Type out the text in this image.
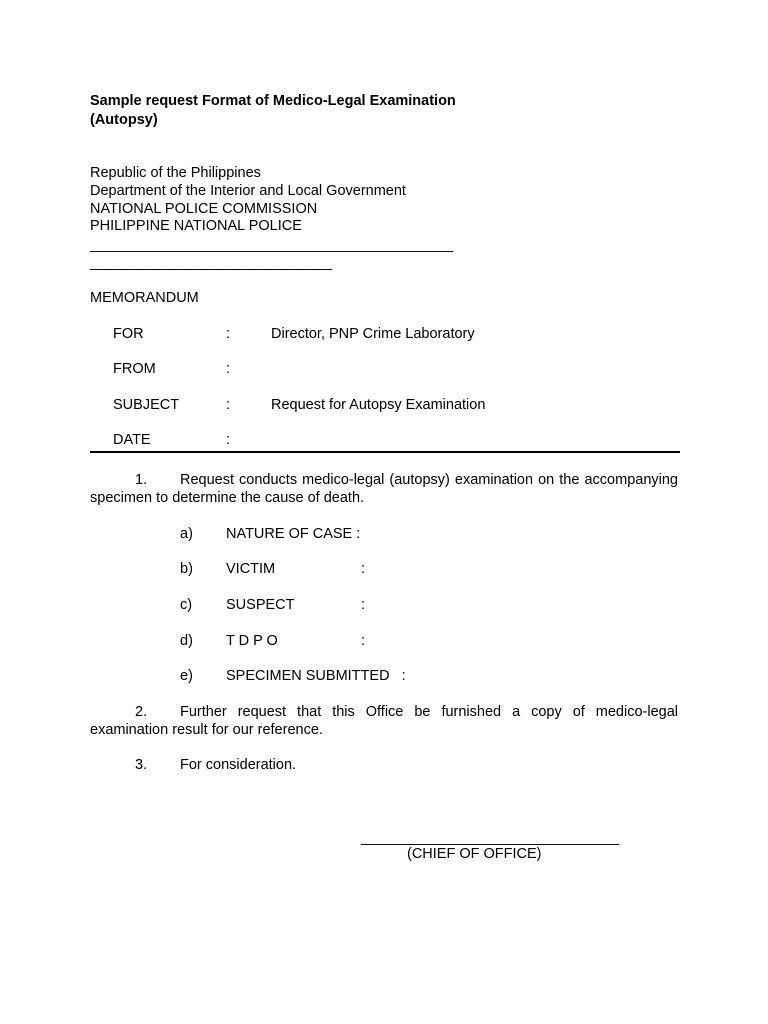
Sample request Format of Medico-Legal Examination
(Autopsy)
Republic of the Philippines
Department of the Interior and Local Government
NATIONAL POLICE COMMISSION
PHILIPPINE NATIONAL POLICE
_____________________________________________
______________________________
MEMORANDUM
FOR	:	Director, PNP Crime Laboratory
FROM	:
SUBJECT	:	Request for Autopsy Examination
DATE	:
1. Request conducts medico-legal (autopsy) examination on the accompanying specimen to determine the cause of death.
a) NATURE OF CASE :
b) VICTIM	:
c) SUSPECT	:
d) T D P O	:
e) SPECIMEN SUBMITTED   :
2. Further request that this Office be furnished a copy of medico-legal examination result for our reference.
3. For consideration.
________________________________
(CHIEF OF OFFICE)
